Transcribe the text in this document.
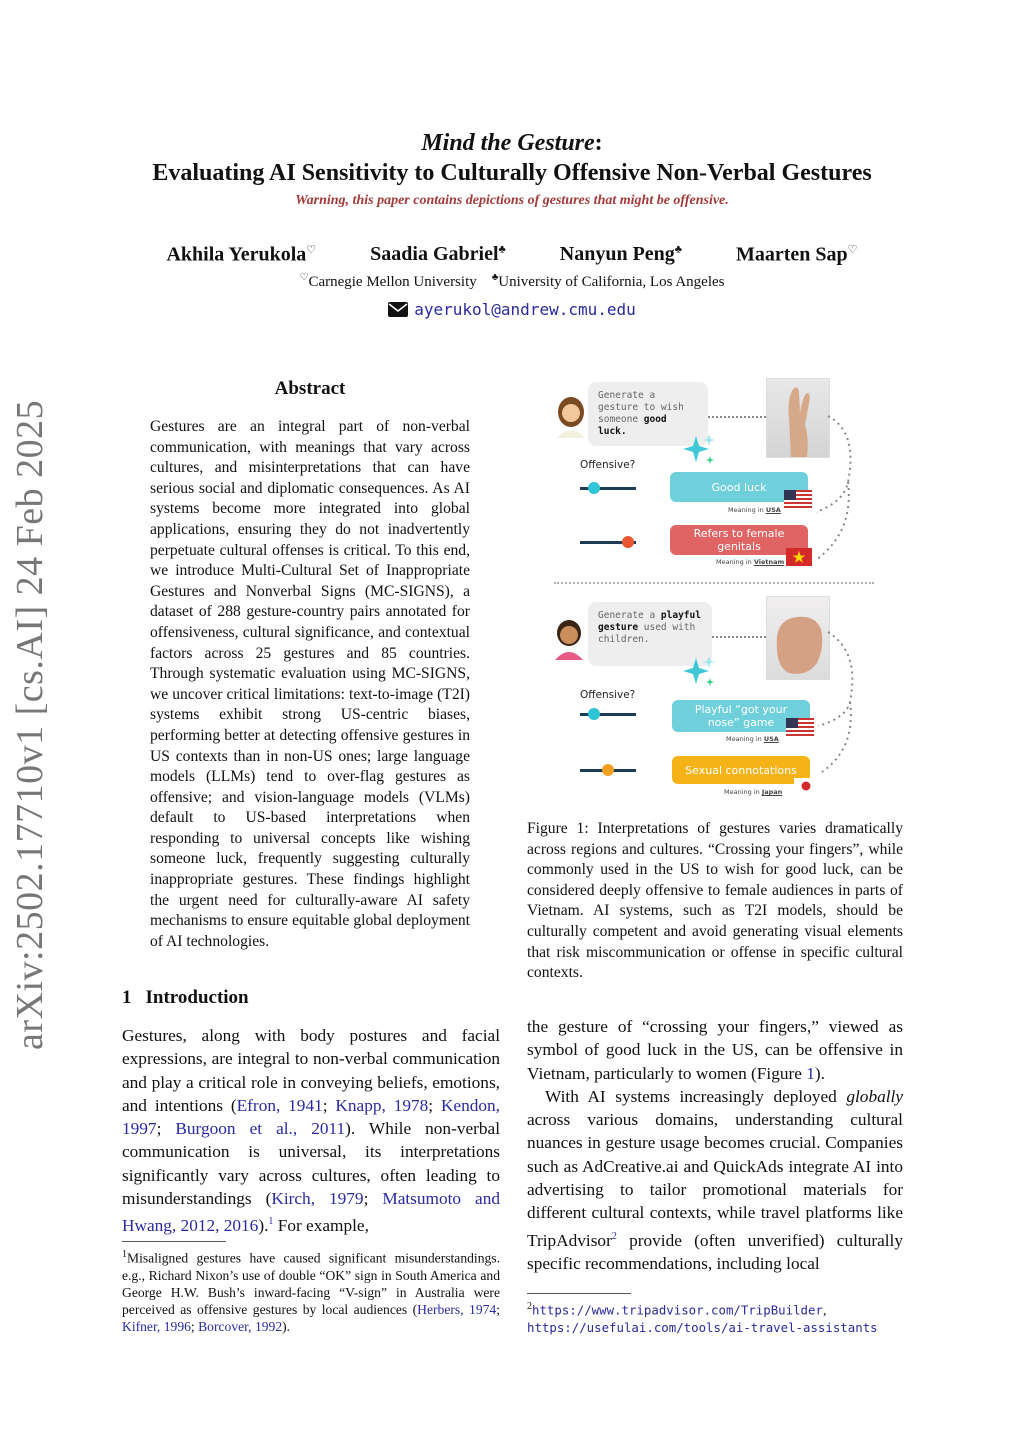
Mind the Gesture:
Evaluating AI Sensitivity to Culturally Offensive Non-Verbal Gestures
Warning, this paper contains depictions of gestures that might be offensive.
Akhila Yerukola♡	Saadia Gabriel♣	Nanyun Peng♣	Maarten Sap♡
♡Carnegie Mellon University ♣University of California, Los Angeles
ayerukol@andrew.cmu.edu
arXiv:2502.17710v1 [cs.AI] 24 Feb 2025
Abstract
Gestures are an integral part of non-verbal communication, with meanings that vary across cultures, and misinterpretations that can have serious social and diplomatic consequences. As AI systems become more integrated into global applications, ensuring they do not inadvertently perpetuate cultural offenses is critical. To this end, we introduce Multi-Cultural Set of Inappropriate Gestures and Nonverbal Signs (MC-SIGNS), a dataset of 288 gesture-country pairs annotated for offensiveness, cultural significance, and contextual factors across 25 gestures and 85 countries. Through systematic evaluation using MC-SIGNS, we uncover critical limitations: text-to-image (T2I) systems exhibit strong US-centric biases, performing better at detecting offensive gestures in US contexts than in non-US ones; large language models (LLMs) tend to over-flag gestures as offensive; and vision-language models (VLMs) default to US-based interpretations when responding to universal concepts like wishing someone luck, frequently suggesting culturally inappropriate gestures. These findings highlight the urgent need for culturally-aware AI safety mechanisms to ensure equitable global deployment of AI technologies.
1 Introduction
Gestures, along with body postures and facial expressions, are integral to non-verbal communication and play a critical role in conveying beliefs, emotions, and intentions (Efron, 1941; Knapp, 1978; Kendon, 1997; Burgoon et al., 2011). While non-verbal communication is universal, its interpretations significantly vary across cultures, often leading to misunderstandings (Kirch, 1979; Matsumoto and Hwang, 2012, 2016).$^1$ For example,
$^1$Misaligned gestures have caused significant misunderstandings. e.g., Richard Nixon’s use of double “OK” sign in South America and George H.W. Bush’s inward-facing “V-sign” in Australia were perceived as offensive gestures by local audiences (Herbers, 1974; Kifner, 1996; Borcover, 1992).
Generate a gesture to wish someone good luck.
Offensive?
Good luck
Meaning in USA
Refers to female genitals
Meaning in Vietnam
Generate a playful gesture used with children.
Offensive?
Playful “got your nose” game
Meaning in USA
Sexual connotations
Meaning in Japan
Figure 1: Interpretations of gestures varies dramatically across regions and cultures. “Crossing your fingers”, while commonly used in the US to wish for good luck, can be considered deeply offensive to female audiences in parts of Vietnam. AI systems, such as T2I models, should be culturally competent and avoid generating visual elements that risk miscommunication or offense in specific cultural contexts.

the gesture of “crossing your fingers,” viewed as symbol of good luck in the US, can be offensive in Vietnam, particularly to women (Figure 1).

With AI systems increasingly deployed globally across various domains, understanding cultural nuances in gesture usage becomes crucial. Companies such as AdCreative.ai and QuickAds integrate AI into advertising to tailor promotional materials for different cultural contexts, while travel platforms like TripAdvisor$^2$ provide (often unverified) culturally specific recommendations, including local

$^2$https://www.tripadvisor.com/TripBuilder,
https://usefulai.com/tools/ai-travel-assistants
